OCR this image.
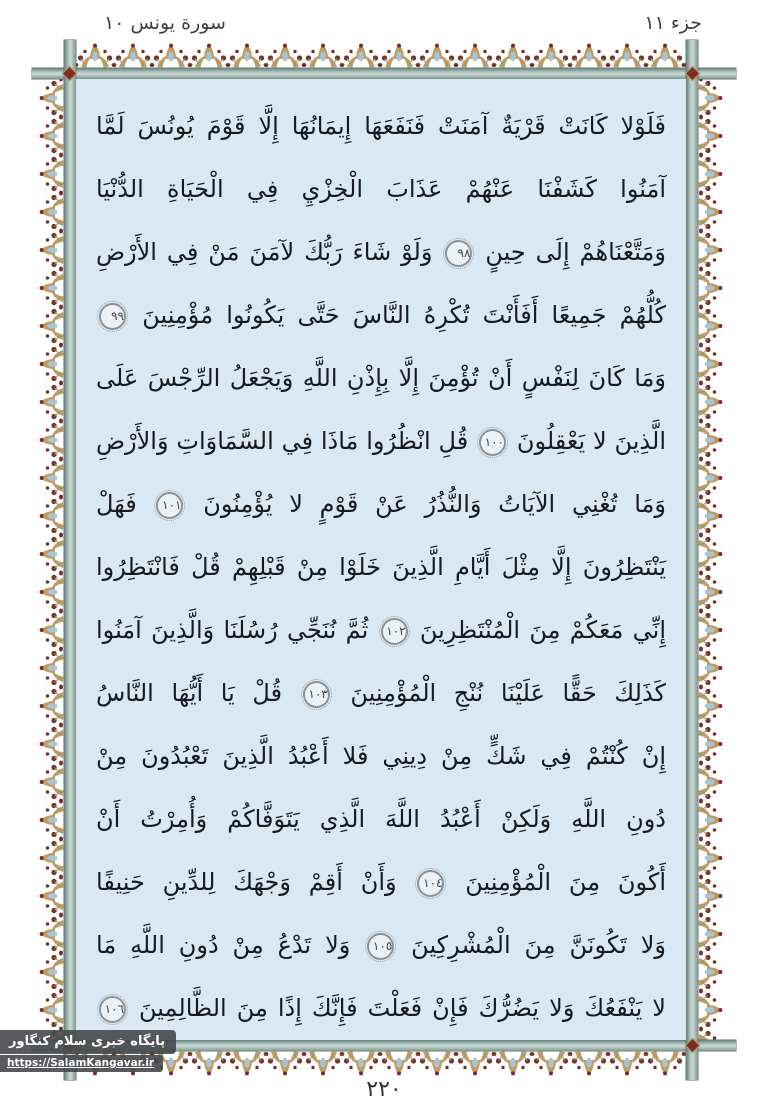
سورة يونس ١٠	جزء ١١
فَلَوْلا كَانَتْ قَرْيَةٌ آمَنَتْ فَنَفَعَهَا إِيمَانُهَا إِلَّا قَوْمَ يُونُسَ لَمَّا
آمَنُوا كَشَفْنَا عَنْهُمْ عَذَابَ الْخِزْيِ فِي الْحَيَاةِ الدُّنْيَا
وَمَتَّعْنَاهُمْ إِلَى حِينٍ ٩٨ وَلَوْ شَاءَ رَبُّكَ لآمَنَ مَنْ فِي الأَرْضِ
كُلُّهُمْ جَمِيعًا أَفَأَنْتَ تُكْرِهُ النَّاسَ حَتَّى يَكُونُوا مُؤْمِنِينَ ٩٩
وَمَا كَانَ لِنَفْسٍ أَنْ تُؤْمِنَ إِلَّا بِإِذْنِ اللَّهِ وَيَجْعَلُ الرِّجْسَ عَلَى
الَّذِينَ لا يَعْقِلُونَ ١٠٠ قُلِ انْظُرُوا مَاذَا فِي السَّمَاوَاتِ وَالأَرْضِ
وَمَا تُغْنِي الآيَاتُ وَالنُّذُرُ عَنْ قَوْمٍ لا يُؤْمِنُونَ ١٠١ فَهَلْ
يَنْتَظِرُونَ إِلَّا مِثْلَ أَيَّامِ الَّذِينَ خَلَوْا مِنْ قَبْلِهِمْ قُلْ فَانْتَظِرُوا
إِنِّي مَعَكُمْ مِنَ الْمُنْتَظِرِينَ ١٠٢ ثُمَّ نُنَجِّي رُسُلَنَا وَالَّذِينَ آمَنُوا
كَذَلِكَ حَقًّا عَلَيْنَا نُنْجِ الْمُؤْمِنِينَ ١٠٣ قُلْ يَا أَيُّهَا النَّاسُ
إِنْ كُنْتُمْ فِي شَكٍّ مِنْ دِينِي فَلا أَعْبُدُ الَّذِينَ تَعْبُدُونَ مِنْ
دُونِ اللَّهِ وَلَكِنْ أَعْبُدُ اللَّهَ الَّذِي يَتَوَفَّاكُمْ وَأُمِرْتُ أَنْ
أَكُونَ مِنَ الْمُؤْمِنِينَ ١٠٤ وَأَنْ أَقِمْ وَجْهَكَ لِلدِّينِ حَنِيفًا
وَلا تَكُونَنَّ مِنَ الْمُشْرِكِينَ ١٠٥ وَلا تَدْعُ مِنْ دُونِ اللَّهِ مَا
لا يَنْفَعُكَ وَلا يَضُرُّكَ فَإِنْ فَعَلْتَ فَإِنَّكَ إِذًا مِنَ الظَّالِمِينَ ١٠٦
٢٢٠
پایگاه خبری سلام کنگاور
https://SalamKangavar.ir
